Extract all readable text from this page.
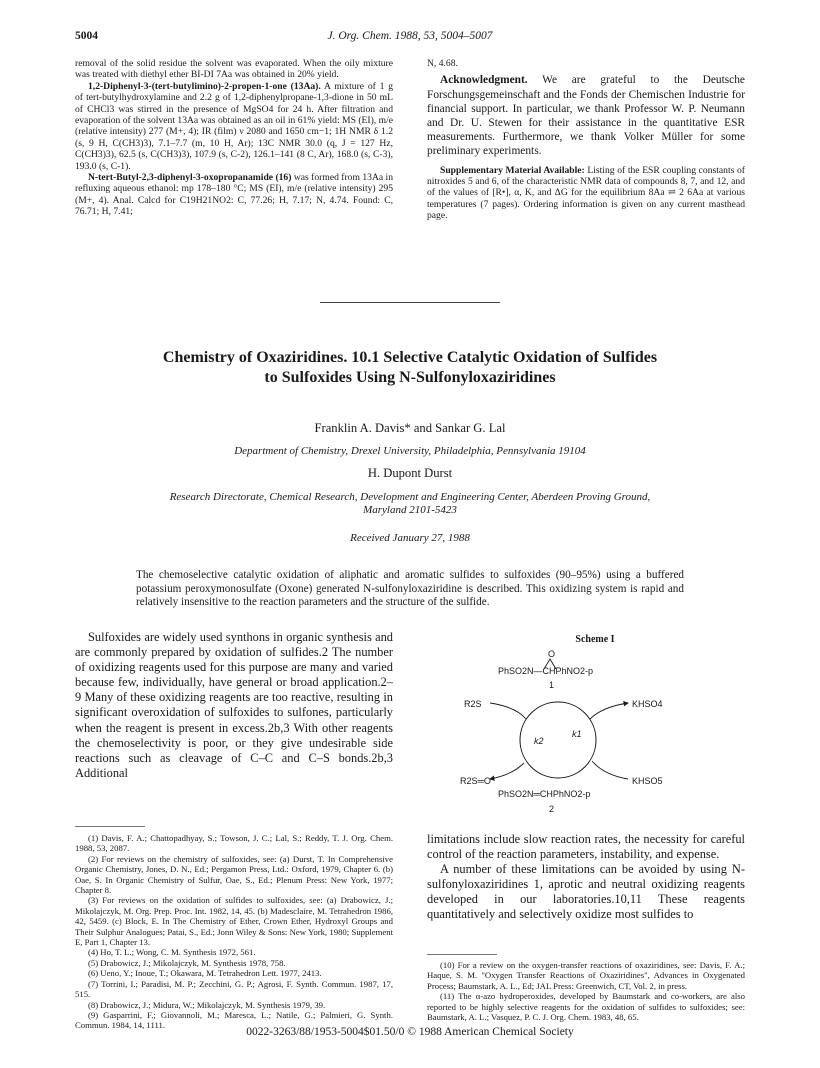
5004	J. Org. Chem. 1988, 53, 5004–5007

removal of the solid residue the solvent was evaporated. When the oily mixture was treated with diethyl ether BI-DI 7Aa was obtained in 20% yield.

1,2-Diphenyl-3-(tert-butylimino)-2-propen-1-one (13Aa). A mixture of 1 g of tert-butylhydroxylamine and 2.2 g of 1,2-diphenylpropane-1,3-dione in 50 mL of CHCl3 was stirred in the presence of MgSO4 for 24 h. After filtration and evaporation of the solvent 13Aa was obtained as an oil in 61% yield: MS (EI), m/e (relative intensity) 277 (M+, 4); IR (film) ν 2080 and 1650 cm−1; 1H NMR δ 1.2 (s, 9 H, C(CH3)3), 7.1–7.7 (m, 10 H, Ar); 13C NMR 30.0 (q, J = 127 Hz, C(CH3)3), 62.5 (s, C(CH3)3), 107.9 (s, C-2), 126.1–141 (8 C, Ar), 168.0 (s, C-3), 193.0 (s, C-1).

N-tert-Butyl-2,3-diphenyl-3-oxopropanamide (16) was formed from 13Aa in refluxing aqueous ethanol: mp 178–180 °C; MS (EI), m/e (relative intensity) 295 (M+, 4). Anal. Calcd for C19H21NO2: C, 77.26; H, 7.17; N, 4.74. Found: C, 76.71; H, 7.41;

N, 4.68.

Acknowledgment. We are grateful to the Deutsche Forschungsgemeinschaft and the Fonds der Chemischen Industrie for financial support. In particular, we thank Professor W. P. Neumann and Dr. U. Stewen for their assistance in the quantitative ESR measurements. Furthermore, we thank Volker Müller for some preliminary experiments.

Supplementary Material Available: Listing of the ESR coupling constants of nitroxides 5 and 6, of the characteristic NMR data of compounds 8, 7, and 12, and of the values of [R•], α, K, and ΔG for the equilibrium 8Aa ⇌ 2 6Aa at various temperatures (7 pages). Ordering information is given on any current masthead page.

Chemistry of Oxaziridines. 10.1 Selective Catalytic Oxidation of Sulfides
to Sulfoxides Using N-Sulfonyloxaziridines
Franklin A. Davis* and Sankar G. Lal
Department of Chemistry, Drexel University, Philadelphia, Pennsylvania 19104
H. Dupont Durst
Research Directorate, Chemical Research, Development and Engineering Center, Aberdeen Proving Ground,
Maryland 2101-5423
Received January 27, 1988
The chemoselective catalytic oxidation of aliphatic and aromatic sulfides to sulfoxides (90–95%) using a buffered potassium peroxymonosulfate (Oxone) generated N-sulfonyloxaziridine is described. This oxidizing system is rapid and relatively insensitive to the reaction parameters and the structure of the sulfide.
Sulfoxides are widely used synthons in organic synthesis and are commonly prepared by oxidation of sulfides.2 The number of oxidizing reagents used for this purpose are many and varied because few, individually, have general or broad application.2–9 Many of these oxidizing reagents are too reactive, resulting in significant overoxidation of sulfoxides to sulfones, particularly when the reagent is present in excess.2b,3 With other reagents the chemoselectivity is poor, or they give undesirable side reactions such as cleavage of C–C and C–S bonds.2b,3 Additional

(1) Davis, F. A.; Chattopadhyay, S.; Towson, J. C.; Lal, S.; Reddy, T. J. Org. Chem. 1988, 53, 2087.

(2) For reviews on the chemistry of sulfoxides, see: (a) Durst, T. In Comprehensive Organic Chemistry, Jones, D. N., Ed.; Pergamon Press, Ltd.: Oxford, 1979, Chapter 6. (b) Oae, S. In Organic Chemistry of Sulfur, Oae, S., Ed.; Plenum Press: New York, 1977; Chapter 8.

(3) For reviews on the oxidation of sulfides to sulfoxides, see: (a) Drabowicz, J.; Mikolajczyk, M. Org. Prep. Proc. Int. 1982, 14, 45. (b) Madesclaire, M. Tetrahedron 1986, 42, 5459. (c) Block, E. In The Chemistry of Ether, Crown Ether, Hydroxyl Groups and Their Sulphur Analogues; Patai, S., Ed.; Jonn Wiley & Sons: New York, 1980; Supplement E, Part 1, Chapter 13.

(4) Ho, T. L.; Wong, C. M. Synthesis 1972, 561.

(5) Drabowicz, J.; Mikolajczyk, M. Synthesis 1978, 758.

(6) Ueno, Y.; Inoue, T.; Okawara, M. Tetrahedron Lett. 1977, 2413.

(7) Torrini, I.; Paradisi, M. P.; Zecchini, G. P.; Agrosi, F. Synth. Commun. 1987, 17, 515.

(8) Drabowicz, J.; Midura, W.; Mikolajczyk, M. Synthesis 1979, 39.

(9) Gasparrini, F.; Giovannoli, M.; Maresca, L.; Natile, G.; Palmieri, G. Synth. Commun. 1984, 14, 1111.

Scheme I
O
PhSO2N—CHPhNO2-p
1
R2S	KHSO4
k2
k1
R2S═O	KHSO5
PhSO2N═CHPhNO2-p
2

limitations include slow reaction rates, the necessity for careful control of the reaction parameters, instability, and expense.

A number of these limitations can be avoided by using N-sulfonyloxaziridines 1, aprotic and neutral oxidizing reagents developed in our laboratories.10,11 These reagents quantitatively and selectively oxidize most sulfides to

(10) For a review on the oxygen-transfer reactions of oxaziridines, see: Davis, F. A.; Haque, S. M. "Oxygen Transfer Reactions of Oxaziridines", Advances in Oxygenated Process; Baumstark, A. L., Ed; JAL Press: Greenwich, CT, Vol. 2, in press.

(11) The α-azo hydroperoxides, developed by Baumstark and co-workers, are also reported to be highly selective reagents for the oxidation of sulfides to sulfoxides; see: Baumstark, A. L.; Vasquez, P. C. J. Org. Chem. 1983, 48, 65.

0022-3263/88/1953-5004$01.50/0 © 1988 American Chemical Society
